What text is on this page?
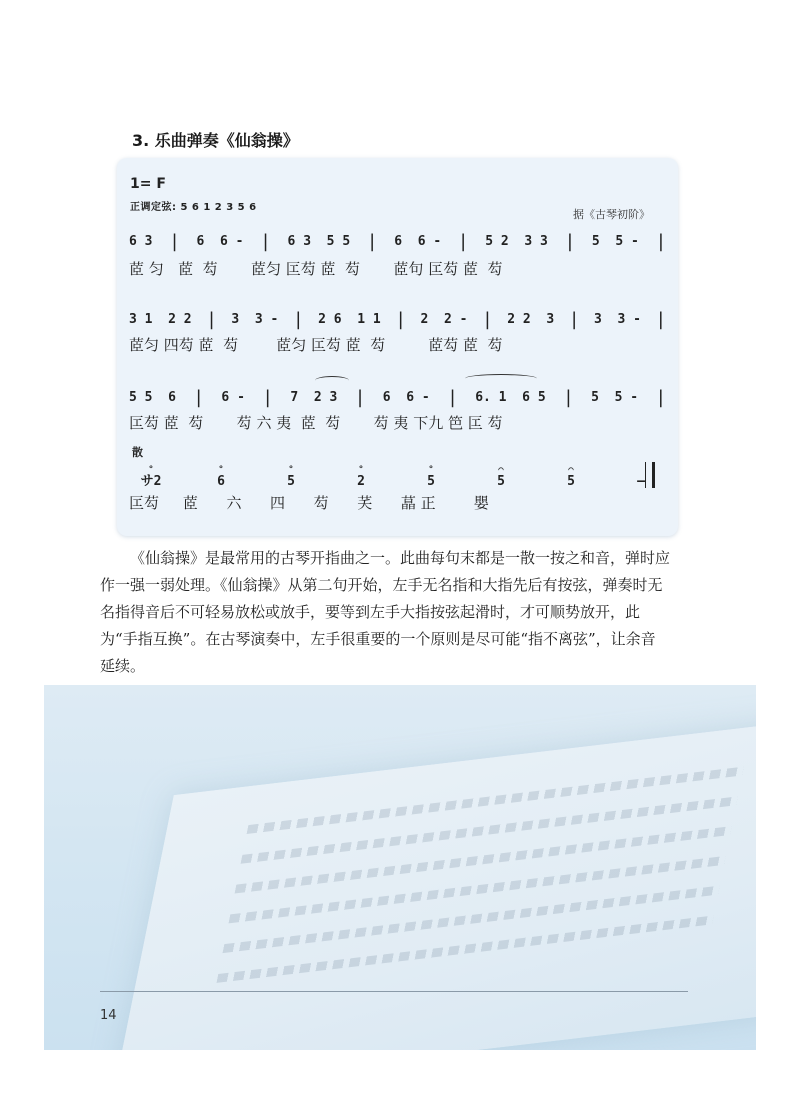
3. 乐曲弹奏《仙翁操》
1= F
正调定弦: 5 6 1 2 3 5 6
据《古琴初阶》
6 3 | 6  6 - | 6 3  5 5 | 6  6 - | 5 2  3 3 | 5  5 - |
茝 匀   茝  芶       茝匀 匞芶 茝  芶       茝句 匞芶 茝  芶
3 1  2 2 | 3  3 - | 2 6  1 1 | 2  2 - | 2 2  3 | 3  3 - |
茝匀 四芶 茝  芶        茝匀 匞芶 茝  芶         茝芶 茝  芶
5 5  6 | 6 - | 7  2 3 | 6  6 - | 6. 1  6 5 | 5  5 - |
匞芶 茝  芶       芶 六 夷  茝  芶       芶 夷 下九 笆 匞 芶
散
°サ2
°6
°5
°2
°5
⌒5
⌒5	–
匞芶     茝      六      四      芶      芺      蕌 正        嬰

《仙翁操》是最常用的古琴开指曲之一。此曲每句末都是一散一按之和音，弹时应作一强一弱处理。《仙翁操》从第二句开始，左手无名指和大指先后有按弦，弹奏时无名指得音后不可轻易放松或放手，要等到左手大指按弦起滑时，才可顺势放开，此为“手指互换”。在古琴演奏中，左手很重要的一个原则是尽可能“指不离弦”，让余音延续。

14
